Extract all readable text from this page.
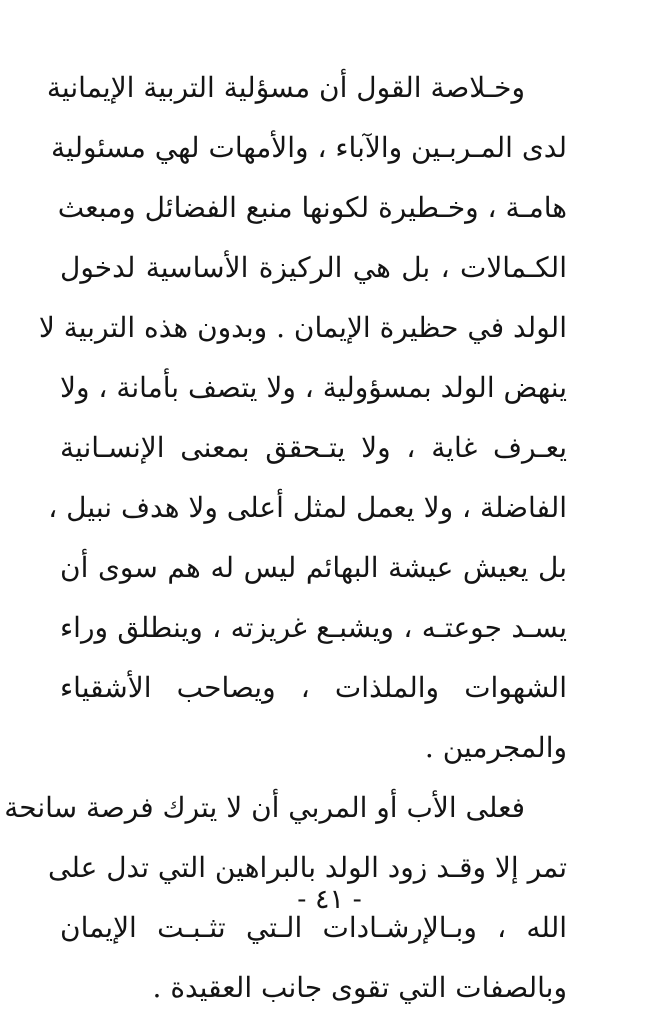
وخـلاصة القول أن مسؤلية التربية الإيمانية
لدى المـربـين والآباء ، والأمهات لهي مسئولية
هامـة ، وخـطيرة لكونها منبع الفضائل ومبعث
الكـمالات ، بل هي الركيزة الأساسية لدخول
الولد في حظيرة الإيمان . وبدون هذه التربية لا
ينهض الولد بمسؤولية ، ولا يتصف بأمانة ، ولا
يعـرف غاية ، ولا يتـحقق بمعنى الإنسـانية
الفاضلة ، ولا يعمل لمثل أعلى ولا هدف نبيل ،
بل يعيش عيشة البهائم ليس له هم سوى أن
يسـد جوعتـه ، ويشبـع غريزته ، وينطلق وراء
الشهوات والملذات ، ويصاحب الأشقياء
والمجرمين .
فعلى الأب أو المربي أن لا يترك فرصة سانحة
تمر إلا وقـد زود الولد بالبراهين التي تدل على
الله ، وبـالإرشـادات الـتي تثـبـت الإيمان
وبالصفات التي تقوى جانب العقيدة .
- ٤١ -
